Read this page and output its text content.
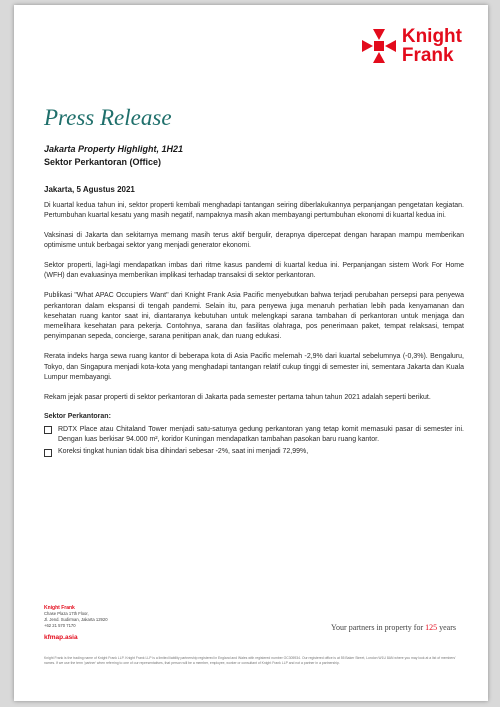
Knight
Frank
Press Release
Jakarta Property Highlight, 1H21
Sektor Perkantoran (Office)
Jakarta, 5 Agustus 2021

Di kuartal kedua tahun ini, sektor properti kembali menghadapi tantangan seiring diberlakukannya perpanjangan pengetatan kegiatan. Pertumbuhan kuartal kesatu yang masih negatif, nampaknya masih akan membayangi pertumbuhan ekonomi di kuartal kedua ini.

Vaksinasi di Jakarta dan sekitarnya memang masih terus aktif bergulir, derapnya dipercepat dengan harapan mampu memberikan optimisme untuk berbagai sektor yang menjadi generator ekonomi.

Sektor properti, lagi-lagi mendapatkan imbas dari ritme kasus pandemi di kuartal kedua ini. Perpanjangan sistem Work For Home (WFH) dan evaluasinya memberikan implikasi terhadap transaksi di sektor perkantoran.

Publikasi "What APAC Occupiers Want" dari Knight Frank Asia Pacific menyebutkan bahwa terjadi perubahan persepsi para penyewa perkantoran dalam ekspansi di tengah pandemi. Selain itu, para penyewa juga menaruh perhatian lebih pada kenyamanan dan kesehatan ruang kantor saat ini, diantaranya kebutuhan untuk melengkapi sarana tambahan di perkantoran untuk menjaga dan memelihara kesehatan para pekerja. Contohnya, sarana dan fasilitas olahraga, pos penerimaan paket, tempat relaksasi, tempat penyimpanan sepeda, concierge, sarana penitipan anak, dan ruang edukasi.

Rerata indeks harga sewa ruang kantor di beberapa kota di Asia Pacific melemah -2,9% dari kuartal sebelumnya (-0,3%). Bengaluru, Tokyo, dan Singapura menjadi kota-kota yang menghadapi tantangan relatif cukup tinggi di semester ini, sementara Jakarta dan Kuala Lumpur membayangi.

Rekam jejak pasar properti di sektor perkantoran di Jakarta pada semester pertama tahun tahun 2021 adalah seperti berikut.

Sektor Perkantoran:
RDTX Place atau Chitaland Tower menjadi satu-satunya gedung perkantoran yang tetap komit memasuki pasar di semester ini. Dengan luas berkisar 94.000 m², koridor Kuningan mendapatkan tambahan pasokan baru ruang kantor.
Koreksi tingkat hunian tidak bisa dihindari sebesar -2%, saat ini menjadi 72,99%,
Knight Frank
Chase Plaza 17th Floor,
Jl. Jend. Sudirman, Jakarta 12920
+62 21 570 7170
kfmap.asia
Your partners in property for 125 years
Knight Frank is the trading name of Knight Frank LLP. Knight Frank LLP is a limited liability partnership registered in England and Wales with registered number OC305934. Our registered office is at 55 Baker Street, London W1U 8AN where you may look at a list of members' names. If we use the term 'partner' when referring to one of our representatives, that person will be a member, employee, worker or consultant of Knight Frank LLP and not a partner in a partnership.
